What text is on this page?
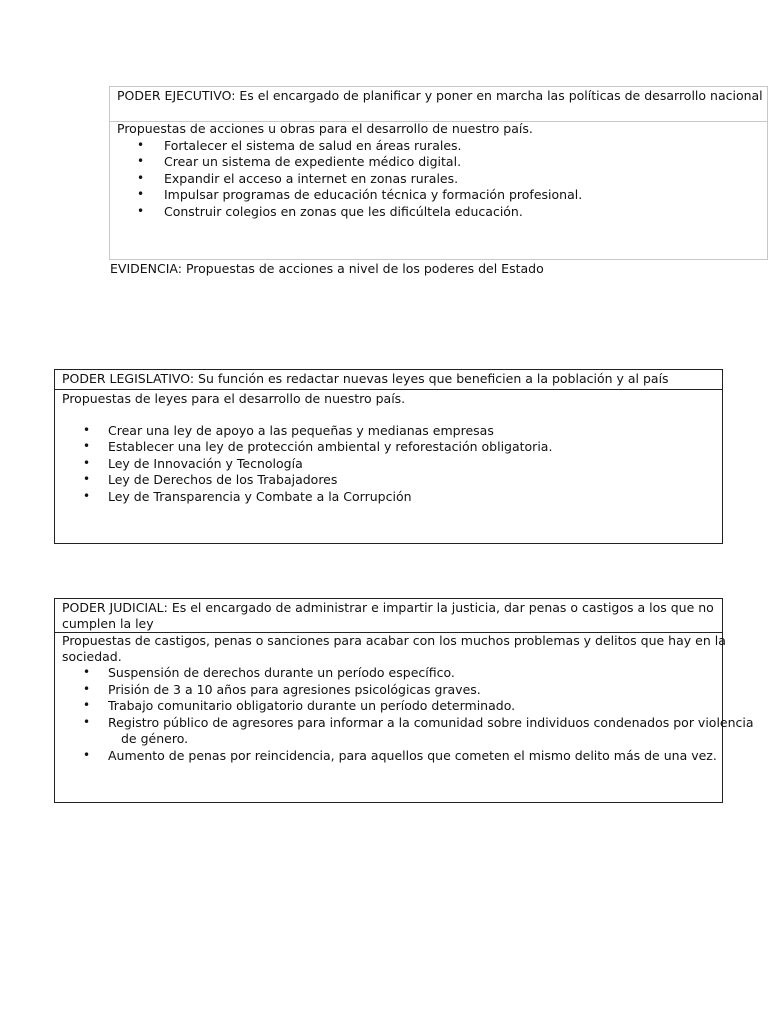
PODER EJECUTIVO: Es el encargado de planificar y poner en marcha las políticas de desarrollo nacional
Propuestas de acciones u obras para el desarrollo de nuestro país.
• Fortalecer el sistema de salud en áreas rurales.
• Crear un sistema de expediente médico digital.
• Expandir el acceso a internet en zonas rurales.
• Impulsar programas de educación técnica y formación profesional.
• Construir colegios en zonas que les dificúltela educación.
EVIDENCIA: Propuestas de acciones a nivel de los poderes del Estado
PODER LEGISLATIVO: Su función es redactar nuevas leyes que beneficien a la población y al país
Propuestas de leyes para el desarrollo de nuestro país.
• Crear una ley de apoyo a las pequeñas y medianas empresas
• Establecer una ley de protección ambiental y reforestación obligatoria.
• Ley de Innovación y Tecnología
• Ley de Derechos de los Trabajadores
• Ley de Transparencia y Combate a la Corrupción
PODER JUDICIAL: Es el encargado de administrar e impartir la justicia, dar penas o castigos a los que no
cumplen la ley
Propuestas de castigos, penas o sanciones para acabar con los muchos problemas y delitos que hay en la
sociedad.
• Suspensión de derechos durante un período específico.
• Prisión de 3 a 10 años para agresiones psicológicas graves.
• Trabajo comunitario obligatorio durante un período determinado.
• Registro público de agresores para informar a la comunidad sobre individuos condenados por violencia
de género.
• Aumento de penas por reincidencia, para aquellos que cometen el mismo delito más de una vez.
